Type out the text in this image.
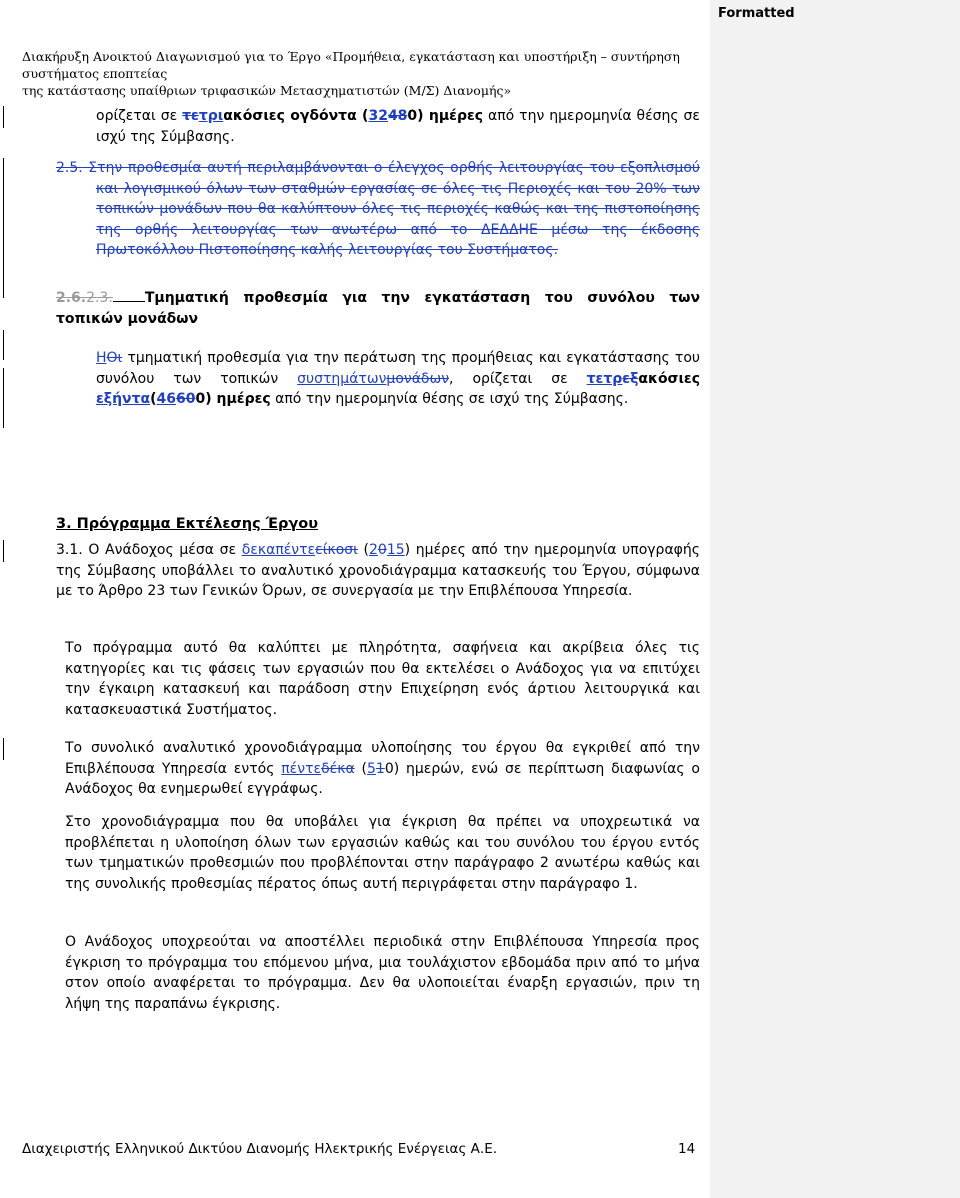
Formatted
Διακήρυξη Ανοικτού Διαγωνισμού για το Έργο «Προμήθεια, εγκατάσταση και υποστήριξη – συντήρηση συστήματος εποπτείας
της κατάστασης υπαίθριων τριφασικών Μετασχηματιστών (Μ/Σ) Διανομής»
ορίζεται σε τετριακόσιες ογδόντα (32480) ημέρες από την ημερομηνία θέσης σε ισχύ της Σύμβασης.
2.5. Στην προθεσμία αυτή περιλαμβάνονται ο έλεγχος ορθής λειτουργίας του εξοπλισμού και λογισμικού όλων των σταθμών εργασίας σε όλες τις Περιοχές και του 20% των τοπικών μονάδων που θα καλύπτουν όλες τις περιοχές καθώς και της πιστοποίησης της ορθής λειτουργίας των ανωτέρω από το ΔΕΔΔΗΕ μέσω της έκδοσης Πρωτοκόλλου Πιστοποίησης καλής λειτουργίας του Συστήματος.
2.6.2.3. Τμηματική προθεσμία για την εγκατάσταση του συνόλου των τοπικών μονάδων
ΗΟι τμηματική προθεσμία για την περάτωση της προμήθειας και εγκατάστασης του συνόλου των τοπικών συστημάτωνμονάδων, ορίζεται σε τετρεξακόσιες εξήντα(46600) ημέρες από την ημερομηνία θέσης σε ισχύ της Σύμβασης.
3. Πρόγραμμα Εκτέλεσης Έργου
3.1. Ο Ανάδοχος μέσα σε δεκαπέντεείκοσι (2015) ημέρες από την ημερομηνία υπογραφής της Σύμβασης υποβάλλει το αναλυτικό χρονοδιάγραμμα κατασκευής του Έργου, σύμφωνα με το Άρθρο 23 των Γενικών Όρων, σε συνεργασία με την Επιβλέπουσα Υπηρεσία.
Το πρόγραμμα αυτό θα καλύπτει με πληρότητα, σαφήνεια και ακρίβεια όλες τις κατηγορίες και τις φάσεις των εργασιών που θα εκτελέσει ο Ανάδοχος για να επιτύχει την έγκαιρη κατασκευή και παράδοση στην Επιχείρηση ενός άρτιου λειτουργικά και κατασκευαστικά Συστήματος.
Το συνολικό αναλυτικό χρονοδιάγραμμα υλοποίησης του έργου θα εγκριθεί από την Επιβλέπουσα Υπηρεσία εντός πέντεδέκα (510) ημερών, ενώ σε περίπτωση διαφωνίας ο Ανάδοχος θα ενημερωθεί εγγράφως.
Στο χρονοδιάγραμμα που θα υποβάλει για έγκριση θα πρέπει να υποχρεωτικά να προβλέπεται η υλοποίηση όλων των εργασιών καθώς και του συνόλου του έργου εντός των τμηματικών προθεσμιών που προβλέπονται στην παράγραφο 2 ανωτέρω καθώς και της συνολικής προθεσμίας πέρατος όπως αυτή περιγράφεται στην παράγραφο 1.
Ο Ανάδοχος υποχρεούται να αποστέλλει περιοδικά στην Επιβλέπουσα Υπηρεσία προς έγκριση το πρόγραμμα του επόμενου μήνα, μια τουλάχιστον εβδομάδα πριν από το μήνα στον οποίο αναφέρεται το πρόγραμμα. Δεν θα υλοποιείται έναρξη εργασιών, πριν τη λήψη της παραπάνω έγκρισης.
Διαχειριστής Ελληνικού Δικτύου Διανομής Ηλεκτρικής Ενέργειας Α.Ε.	14
